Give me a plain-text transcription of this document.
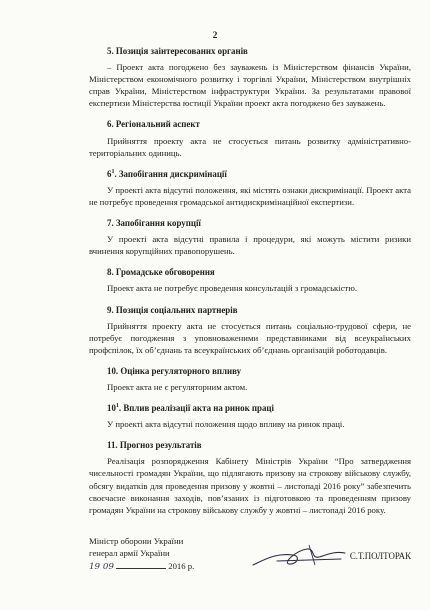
2
5. Позиція заінтересованих органів

– Проект акта погоджено без зауважень із Міністерством фінансів України, Міністерством економічного розвитку і торгівлі України, Міністерством внутрішніх справ України, Міністерством інфраструктури України. За результатами правової експертизи Міністерства юстиції України проект акта погоджено без зауважень.

6. Регіональний аспект

Прийняття проекту акта не стосується питань розвитку адміністративно-територіальних одиниць.

$6^1$. Запобігання дискримінації

У проекті акта відсутні положення, які містять ознаки дискримінації. Проект акта не потребує проведення громадської антидискримінаційної експертизи.

7. Запобігання корупції

У проекті акта відсутні правила і процедури, які можуть містити ризики вчинення корупційних правопорушень.

8. Громадське обговорення

Проект акта не потребує проведення консультацій з громадськістю.

9. Позиція соціальних партнерів

Прийняття проекту акта не стосується питань соціально-трудової сфери, не потребує погодження з уповноваженими представниками від всеукраїнських профспілок, їх об’єднань та всеукраїнських об’єднань організацій роботодавців.

10. Оцінка регуляторного впливу

Проект акта не є регуляторним актом.

$10^1$. Вплив реалізації акта на ринок праці

У проекті акта відсутні положення щодо впливу на ринок праці.

11. Прогноз результатів

Реалізація розпорядження Кабінету Міністрів України “Про затвердження чисельності громадян України, що підлягають призову на строкову військову службу, обсягу видатків для проведення призову у жовтні – листопаді 2016 року” забезпечить своєчасне виконання заходів, пов’язаних із підготовкою та проведенням призову громадян України на строкову військову службу у жовтні – листопаді 2016 року.

Міністр оборони України
генерал армії України	С.Т.ПОЛТОРАК
19 09	2016 р.
